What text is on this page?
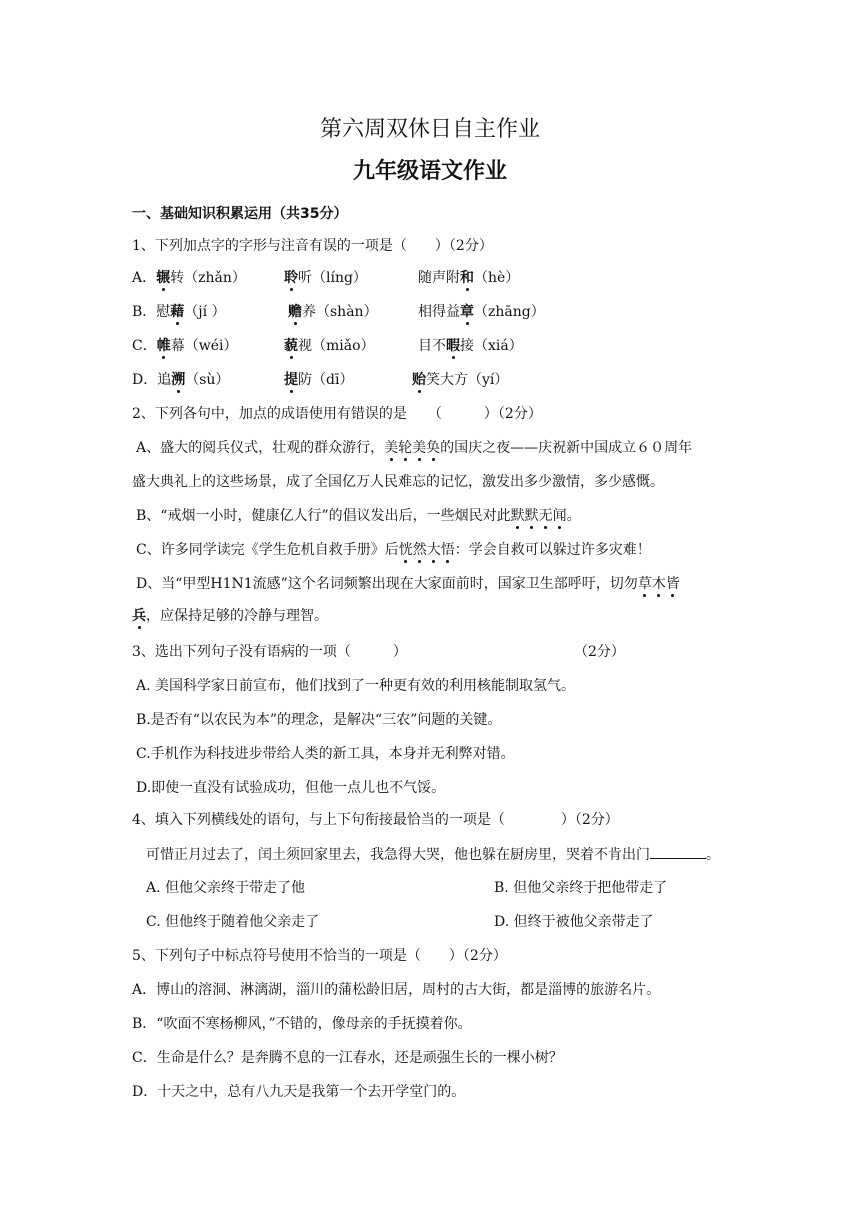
第六周双休日自主作业
九年级语文作业
一、基础知识积累运用（共35分）
1、下列加点字的字形与注音有误的一项是（　　）（2分）
A．辗转（zhǎn）	聆听（líng）	随声附和（hè）
B．慰藉（jí ）	赡养（shàn）	相得益章（zhāng）
C．帷幕（wéi）	藐视（miǎo）	目不暇接（xiá）
D．追溯（sù）	提防（dī）	贻笑大方（yí）
2、下列各句中，加点的成语使用有错误的是　　（　　　）（2分）
A、盛大的阅兵仪式，壮观的群众游行，美轮美奂的国庆之夜——庆祝新中国成立６０周年
盛大典礼上的这些场景，成了全国亿万人民难忘的记忆，激发出多少激情，多少感慨。
B、“戒烟一小时，健康亿人行”的倡议发出后，一些烟民对此默默无闻。
C、许多同学读完《学生危机自救手册》后恍然大悟：学会自救可以躲过许多灾难！
D、当“甲型H1N1流感”这个名词频繁出现在大家面前时，国家卫生部呼吁，切勿草木皆
兵，应保持足够的冷静与理智。
3、选出下列句子没有语病的一项（　　　）	（2分）
A. 美国科学家日前宣布，他们找到了一种更有效的利用核能制取氢气。
B.是否有“以农民为本”的理念，是解决“三农”问题的关键。
C.手机作为科技进步带给人类的新工具，本身并无利弊对错。
D.即使一直没有试验成功，但他一点儿也不气馁。
4、填入下列横线处的语句，与上下句衔接最恰当的一项是（　　　　）（2分）
可惜正月过去了，闰土须回家里去，我急得大哭，他也躲在厨房里，哭着不肯出门	。
A. 但他父亲终于带走了他	B. 但他父亲终于把他带走了
C. 但他终于随着他父亲走了	D. 但终于被他父亲带走了
5、下列句子中标点符号使用不恰当的一项是（　　）（2分）
A．博山的溶洞、淋漓湖，淄川的蒲松龄旧居，周村的古大街，都是淄博的旅游名片。
B．“吹面不寒杨柳风，”不错的，像母亲的手抚摸着你。
C．生命是什么？是奔腾不息的一江春水，还是顽强生长的一棵小树？
D．十天之中，总有八九天是我第一个去开学堂门的。
